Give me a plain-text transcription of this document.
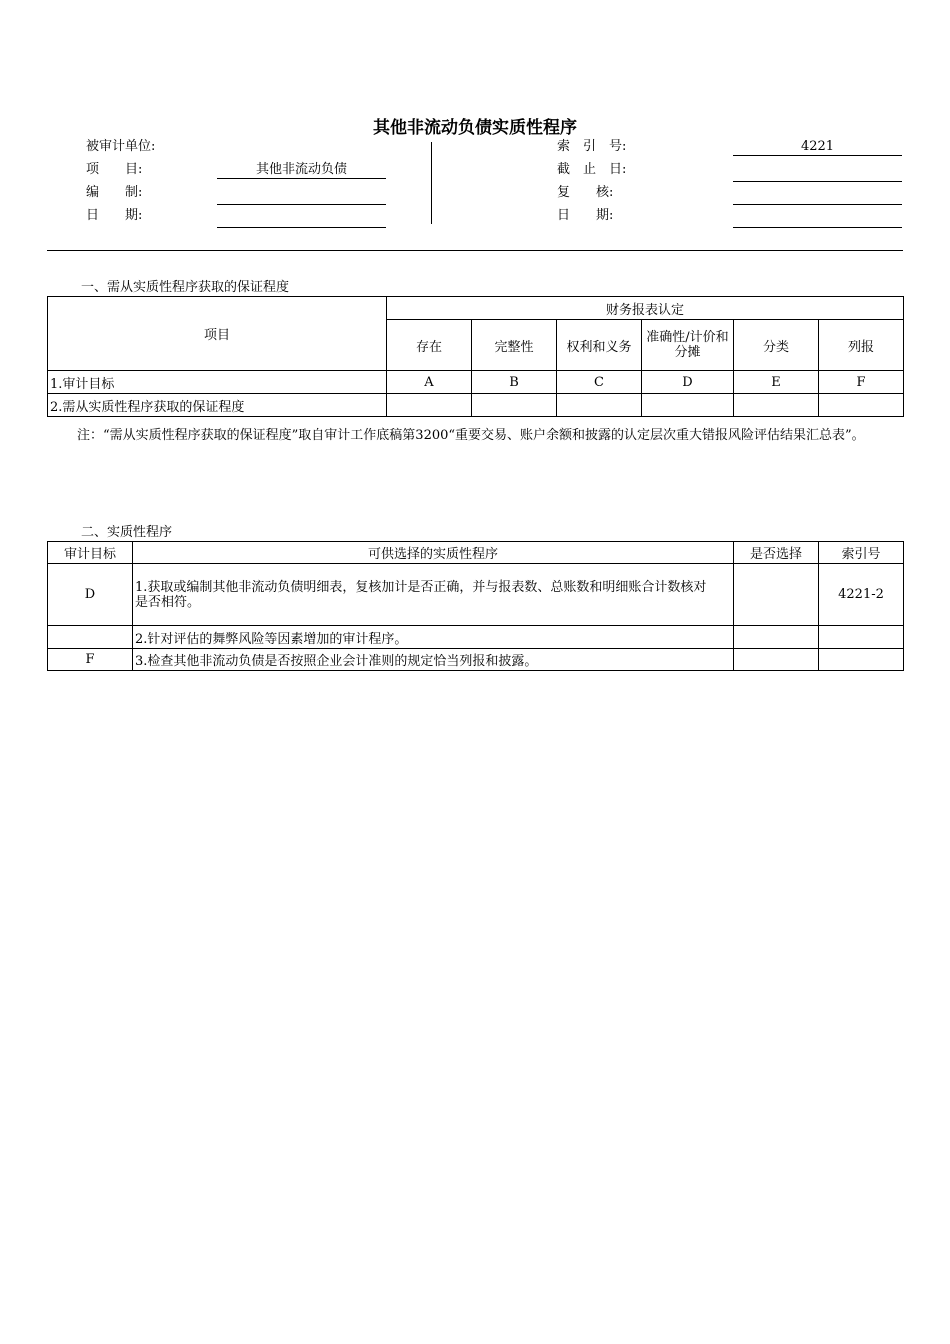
其他非流动负债实质性程序
被审计单位:
项　　目:	其他非流动负债
编　　制:
日　　期:
索　引　号:	4221
截　止　日:
复　　核:
日　　期:
一、需从实质性程序获取的保证程度
项目	财务报表认定					
	存在	完整性	权利和义务	准确性/计价和分摊	分类	列报
1.审计目标	A	B	C	D	E	F
2.需从实质性程序获取的保证程度						
注：“需从实质性程序获取的保证程度”取自审计工作底稿第3200“重要交易、账户余额和披露的认定层次重大错报风险评估结果汇总表”。
二、实质性程序
审计目标	可供选择的实质性程序	是否选择	索引号
D	1.获取或编制其他非流动负债明细表，复核加计是否正确，并与报表数、总账数和明细账合计数核对是否相符。		4221-2
	2.针对评估的舞弊风险等因素增加的审计程序。		
F	3.检查其他非流动负债是否按照企业会计准则的规定恰当列报和披露。		
